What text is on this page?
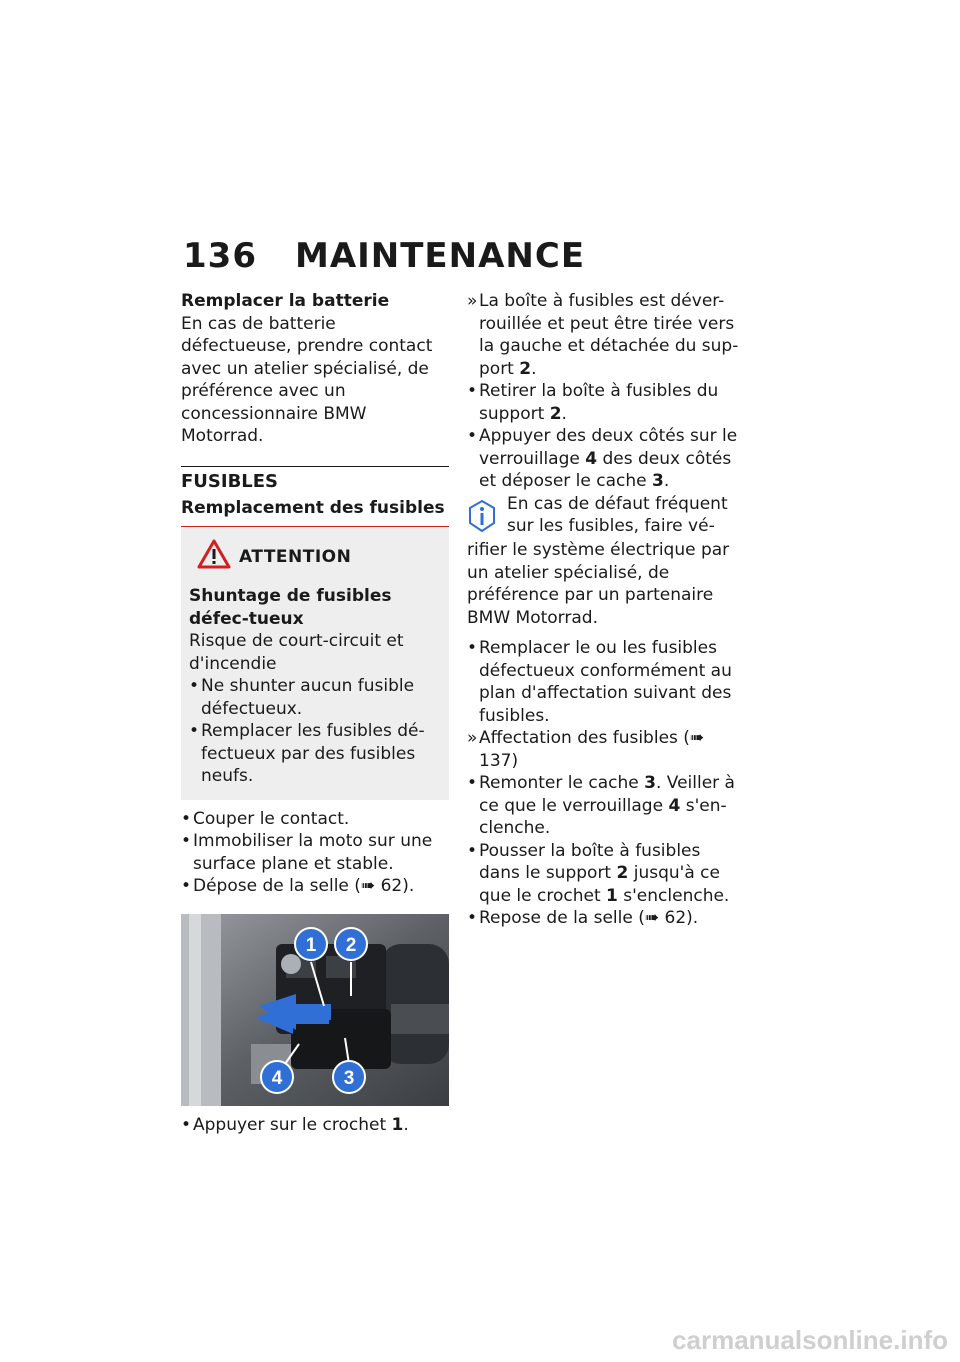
136 MAINTENANCE

Remplacer la batterie

En cas de batterie défectueuse, prendre contact avec un atelier spécialisé, de préférence avec un concessionnaire BMW Motorrad.

FUSIBLES

Remplacement des fusibles

ATTENTION

Shuntage de fusibles défec-tueux

Risque de court-circuit et d'incendie

• Ne shunter aucun fusible défectueux.
• Remplacer les fusibles dé-fectueux par des fusibles neufs.
• Couper le contact.
• Immobiliser la moto sur une surface plane et stable.
• Dépose de la selle (➠ 62).
1 2
3
4
• Appuyer sur le crochet 1.
» La boîte à fusibles est déver-rouillée et peut être tirée vers la gauche et détachée du sup-port 2.
• Retirer la boîte à fusibles du support 2.
• Appuyer des deux côtés sur le verrouillage 4 des deux côtés et déposer le cache 3.
En cas de défaut fréquent sur les fusibles, faire vé-

rifier le système électrique par un atelier spécialisé, de préférence par un partenaire BMW Motorrad.

• Remplacer le ou les fusibles défectueux conformément au plan d'affectation suivant des fusibles.
» Affectation des fusibles (➠ 137)
• Remonter le cache 3. Veiller à ce que le verrouillage 4 s'en-clenche.
• Pousser la boîte à fusibles dans le support 2 jusqu'à ce que le crochet 1 s'enclenche.
• Repose de la selle (➠ 62).
carmanualsonline.info
